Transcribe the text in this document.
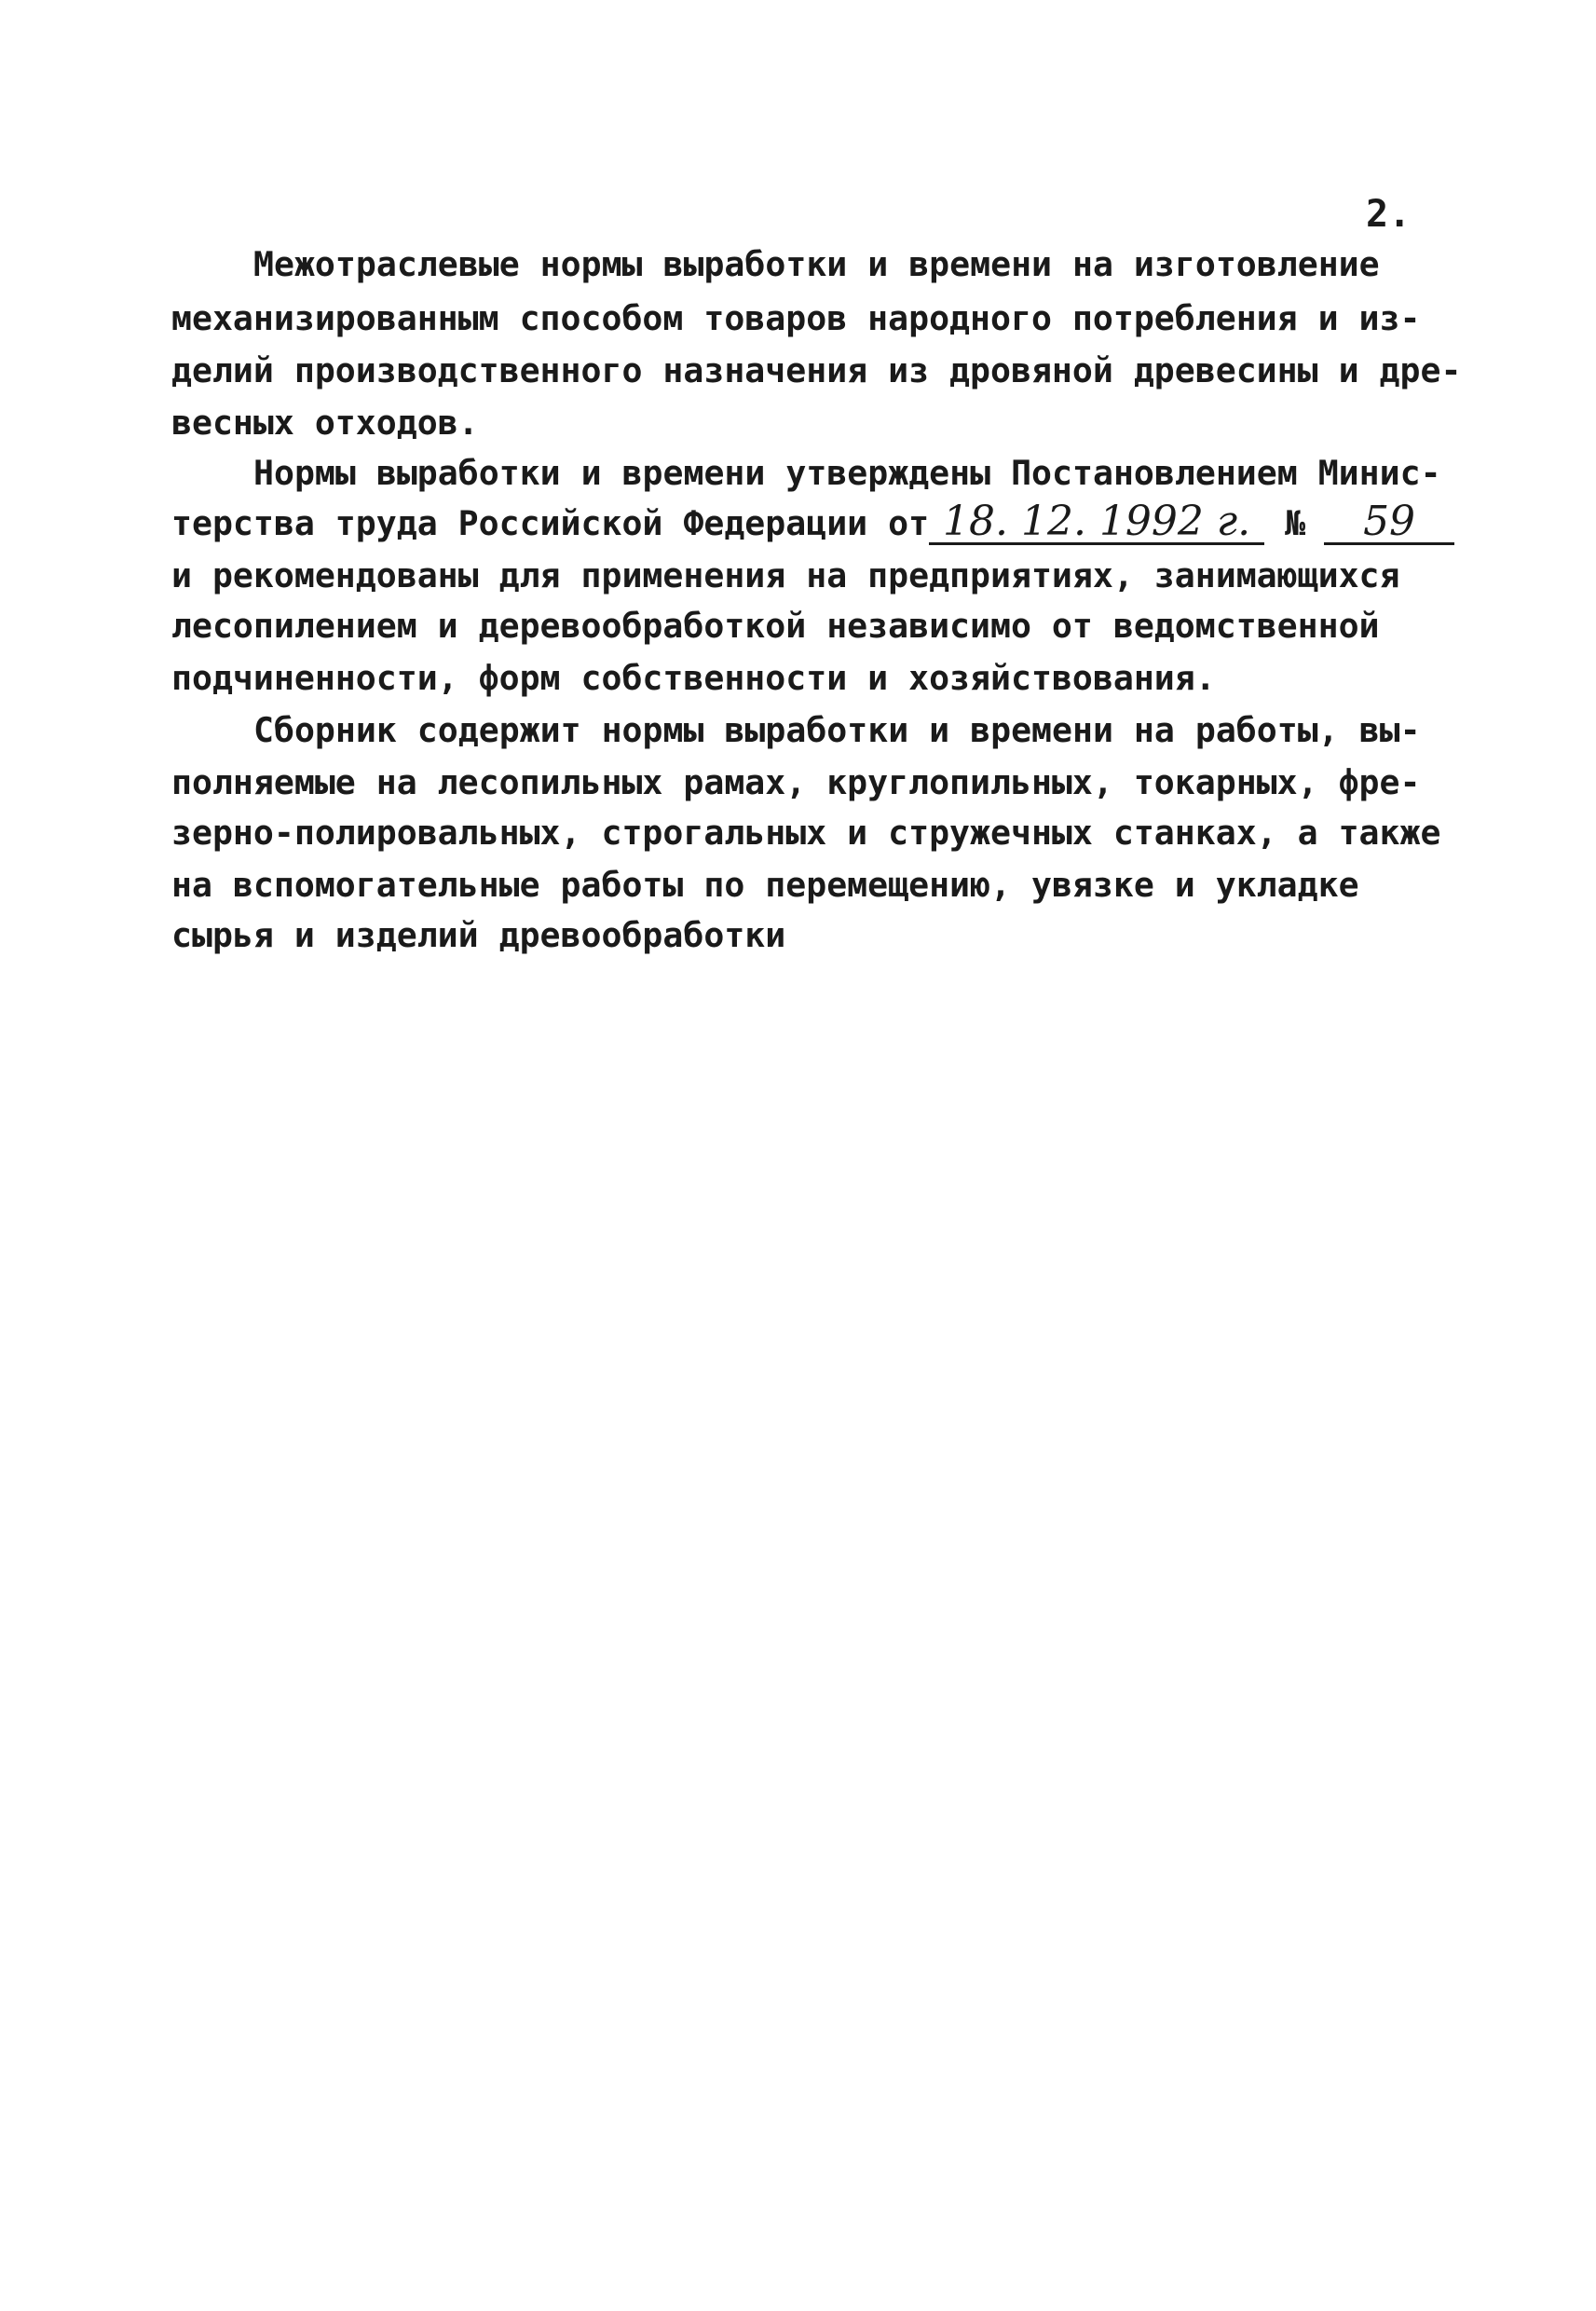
2.
Межотраслевые нормы выработки и времени на изготовление
механизированным способом товаров народного потребления и из-
делий производственного назначения из дровяной древесины и дре-
весных отходов.
Нормы выработки и времени утверждены Постановлением Минис-
терства труда Российской Федерации от 18. 12. 1992 г. № 59
и рекомендованы для применения на предприятиях, занимающихся
лесопилением и деревообработкой независимо от ведомственной
подчиненности, форм собственности и хозяйствования.
Сборник содержит нормы выработки и времени на работы, вы-
полняемые на лесопильных рамах, круглопильных, токарных, фре-
зерно-полировальных, строгальных и стружечных станках, а также
на вспомогательные работы по перемещению, увязке и укладке
сырья и изделий древообработки
